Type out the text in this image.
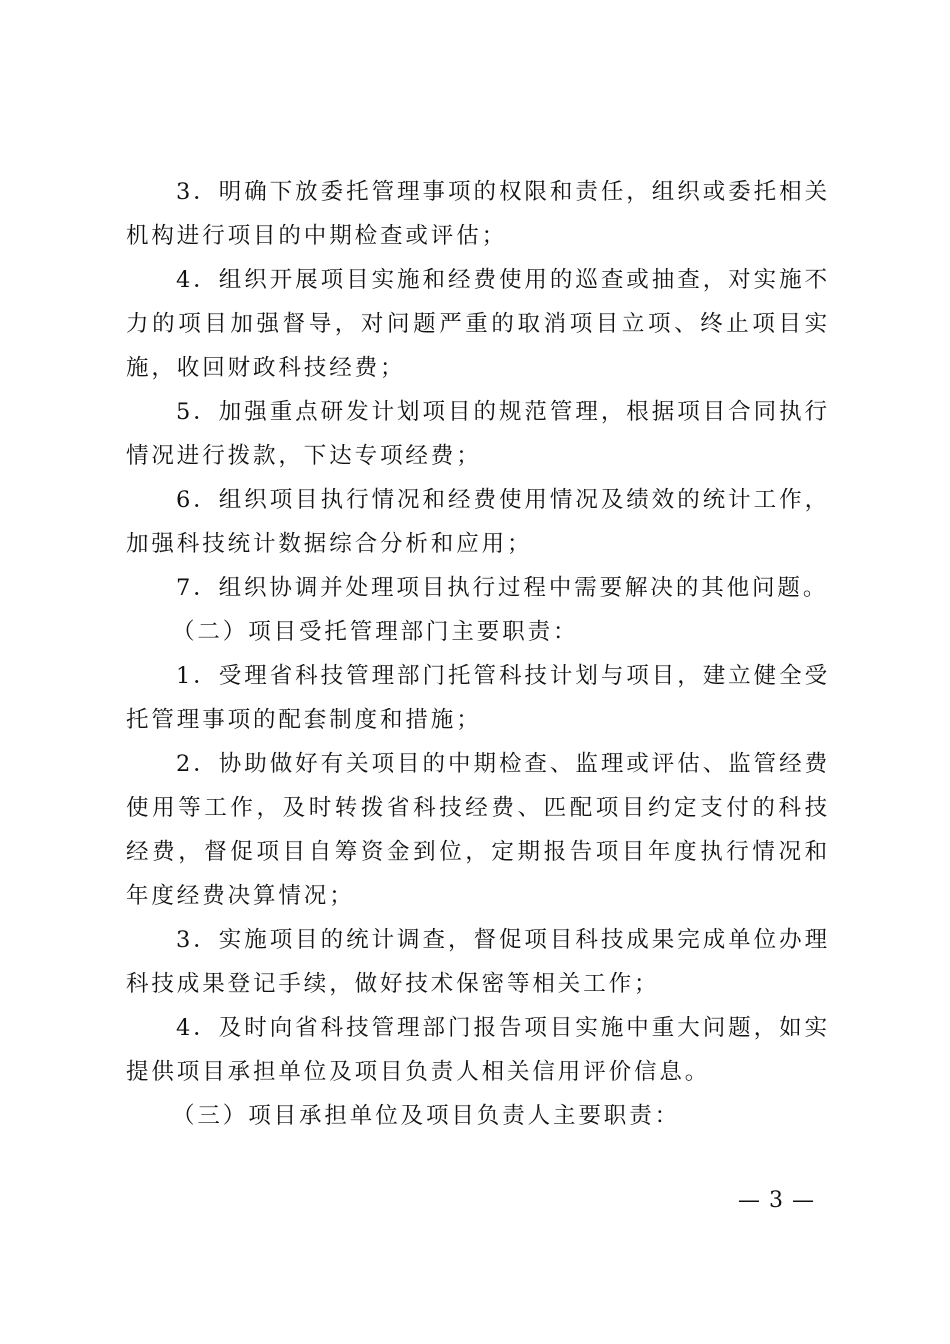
3．明确下放委托管理事项的权限和责任，组织或委托相关机构进行项目的中期检查或评估；

4．组织开展项目实施和经费使用的巡查或抽查，对实施不力的项目加强督导，对问题严重的取消项目立项、终止项目实施，收回财政科技经费；

5．加强重点研发计划项目的规范管理，根据项目合同执行情况进行拨款，下达专项经费；

6．组织项目执行情况和经费使用情况及绩效的统计工作，加强科技统计数据综合分析和应用；

7．组织协调并处理项目执行过程中需要解决的其他问题。

（二）项目受托管理部门主要职责：

1．受理省科技管理部门托管科技计划与项目，建立健全受托管理事项的配套制度和措施；

2．协助做好有关项目的中期检查、监理或评估、监管经费使用等工作，及时转拨省科技经费、匹配项目约定支付的科技经费，督促项目自筹资金到位，定期报告项目年度执行情况和年度经费决算情况；

3．实施项目的统计调查，督促项目科技成果完成单位办理科技成果登记手续，做好技术保密等相关工作；

4．及时向省科技管理部门报告项目实施中重大问题，如实提供项目承担单位及项目负责人相关信用评价信息。

（三）项目承担单位及项目负责人主要职责：

— 3 —
